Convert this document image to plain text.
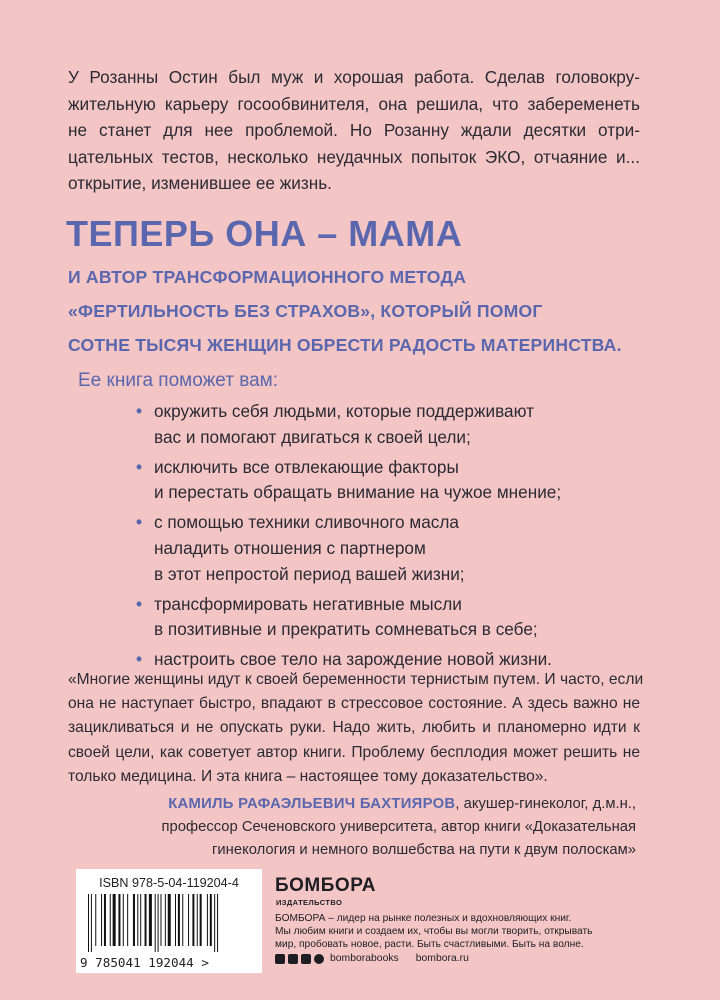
У Розанны Остин был муж и хорошая работа. Сделав головокру-
жительную карьеру госообвинителя, она решила, что забеременеть
не станет для нее проблемой. Но Розанну ждали десятки отри-
цательных тестов, несколько неудачных попыток ЭКО, отчаяние и...
открытие, изменившее ее жизнь.
ТЕПЕРЬ ОНА – МАМА
И АВТОР ТРАНСФОРМАЦИОННОГО МЕТОДА
«ФЕРТИЛЬНОСТЬ БЕЗ СТРАХОВ», КОТОРЫЙ ПОМОГ
СОТНЕ ТЫСЯЧ ЖЕНЩИН ОБРЕСТИ РАДОСТЬ МАТЕРИНСТВА.

Ее книга поможет вам:

• окружить себя людьми, которые поддерживают
вас и помогают двигаться к своей цели;
• исключить все отвлекающие факторы
и перестать обращать внимание на чужое мнение;
• с помощью техники сливочного масла
наладить отношения с партнером
в этот непростой период вашей жизни;
• трансформировать негативные мысли
в позитивные и прекратить сомневаться в себе;
• настроить свое тело на зарождение новой жизни.
«Многие женщины идут к своей беременности тернистым путем. И часто, если
она не наступает быстро, впадают в стрессовое состояние. А здесь важно не
зацикливаться и не опускать руки. Надо жить, любить и планомерно идти к
своей цели, как советует автор книги. Проблему бесплодия может решить не
только медицина. И эта книга – настоящее тому доказательство».
КАМИЛЬ РАФАЭЛЬЕВИЧ БАХТИЯРОВ, акушер-гинеколог, д.м.н.,
профессор Сеченовского университета, автор книги «Доказательная
гинекология и немного волшебства на пути к двум полоскам»
ISBN 978-5-04-119204-4
9 785041 192044 >

БОМБОРА

ИЗДАТЕЛЬСТВО

БОМБОРА – лидер на рынке полезных и вдохновляющих книг.
Мы любим книги и создаем их, чтобы вы могли творить, открывать
мир, пробовать новое, расти. Быть счастливыми. Быть на волне.
bomborabooks bombora.ru
